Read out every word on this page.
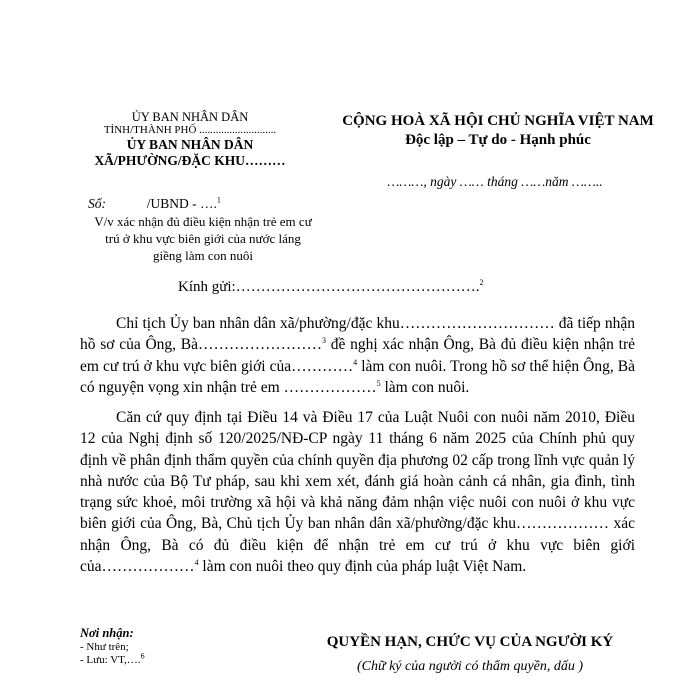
ỦY BAN NHÂN DÂN
TỈNH/THÀNH PHỐ ............................
ỦY BAN NHÂN DÂN
XÃ/PHƯỜNG/ĐẶC KHU………
CỘNG HOÀ XÃ HỘI CHỦ NGHĨA VIỆT NAM
Độc lập – Tự do - Hạnh phúc
………, ngày …… tháng ……năm ……..
Số:	/UBND - ….$^1$
V/v xác nhận đủ điều kiện nhận trẻ em cư trú ở khu vực biên giới của nước láng giềng làm con nuôi
Kính gửi:………………………………………….$^2$
Chỉ tịch Ủy ban nhân dân xã/phường/đặc khu………………………… đã tiếp nhận hồ sơ của Ông, Bà……………………$^3$ đề nghị xác nhận Ông, Bà đủ điều kiện nhận trẻ em cư trú ở khu vực biên giới của…………$^4$ làm con nuôi. Trong hồ sơ thể hiện Ông, Bà có nguyện vọng xin nhận trẻ em ………………$^5$ làm con nuôi.
Căn cứ quy định tại Điều 14 và Điều 17 của Luật Nuôi con nuôi năm 2010, Điều 12 của Nghị định số 120/2025/NĐ-CP ngày 11 tháng 6 năm 2025 của Chính phủ quy định về phân định thẩm quyền của chính quyền địa phương 02 cấp trong lĩnh vực quản lý nhà nước của Bộ Tư pháp, sau khi xem xét, đánh giá hoàn cảnh cá nhân, gia đình, tình trạng sức khoẻ, môi trường xã hội và khả năng đảm nhận việc nuôi con nuôi ở khu vực biên giới của Ông, Bà, Chủ tịch Ủy ban nhân dân xã/phường/đặc khu……………… xác nhận Ông, Bà có đủ điều kiện để nhận trẻ em cư trú ở khu vực biên giới của………………$^4$ làm con nuôi theo quy định của pháp luật Việt Nam.
Nơi nhận:
- Như trên;
- Lưu: VT,….$^6$
QUYỀN HẠN, CHỨC VỤ CỦA NGƯỜI KÝ
(Chữ ký của người có thẩm quyền, dấu )
